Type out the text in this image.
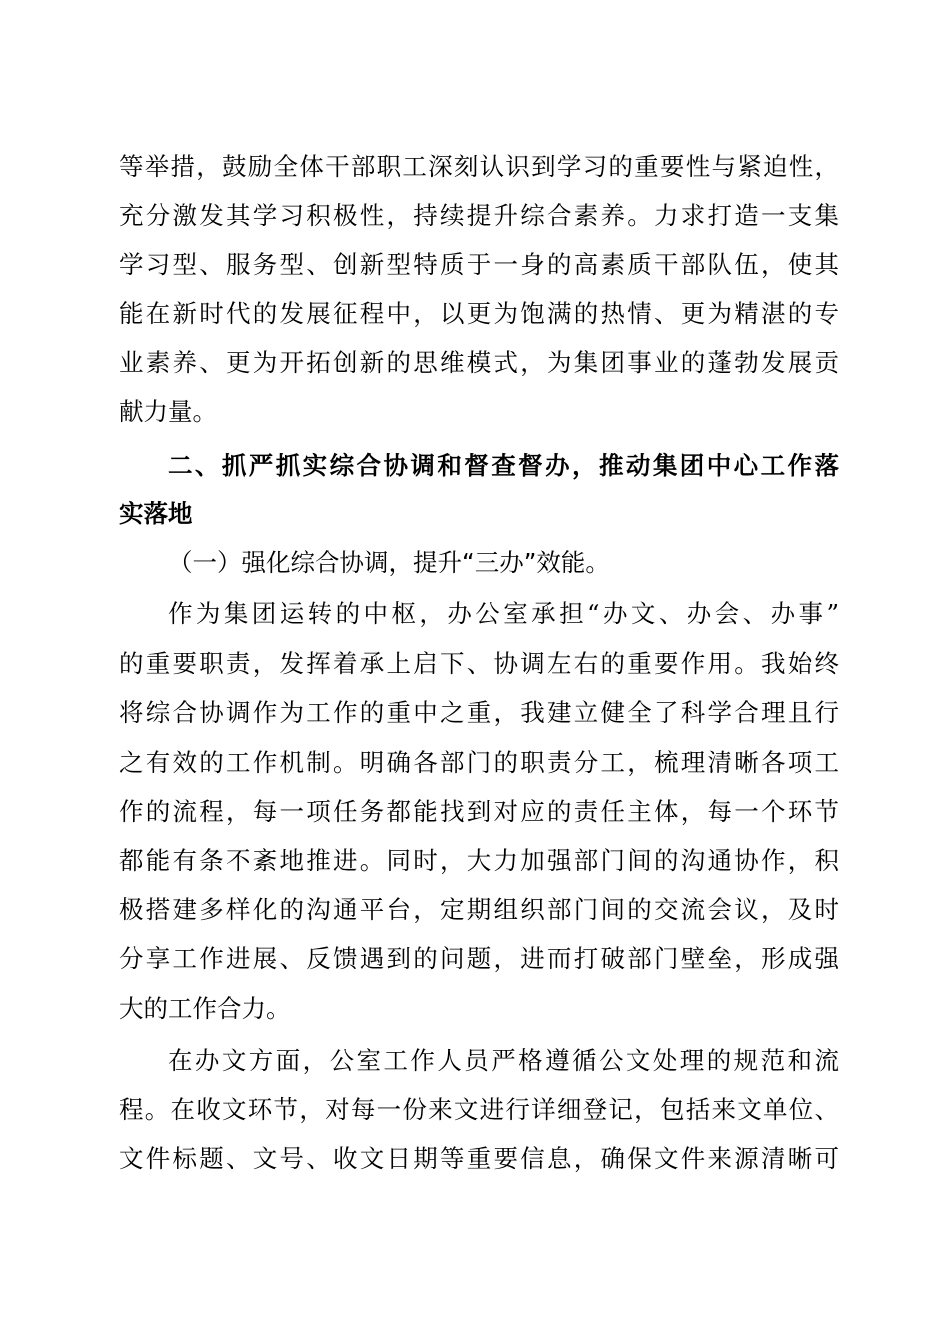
等举措，鼓励全体干部职工深刻认识到学习的重要性与紧迫性，
充分激发其学习积极性，持续提升综合素养。力求打造一支集
学习型、服务型、创新型特质于一身的高素质干部队伍，使其
能在新时代的发展征程中，以更为饱满的热情、更为精湛的专
业素养、更为开拓创新的思维模式，为集团事业的蓬勃发展贡
献力量。
二、抓严抓实综合协调和督查督办，推动集团中心工作落
实落地
（一）强化综合协调，提升“三办”效能。
作为集团运转的中枢，办公室承担“办文、办会、办事”
的重要职责，发挥着承上启下、协调左右的重要作用。我始终
将综合协调作为工作的重中之重，我建立健全了科学合理且行
之有效的工作机制。明确各部门的职责分工，梳理清晰各项工
作的流程，每一项任务都能找到对应的责任主体，每一个环节
都能有条不紊地推进。同时，大力加强部门间的沟通协作，积
极搭建多样化的沟通平台，定期组织部门间的交流会议，及时
分享工作进展、反馈遇到的问题，进而打破部门壁垒，形成强
大的工作合力。
在办文方面，公室工作人员严格遵循公文处理的规范和流
程。在收文环节，对每一份来文进行详细登记，包括来文单位、
文件标题、文号、收文日期等重要信息，确保文件来源清晰可
